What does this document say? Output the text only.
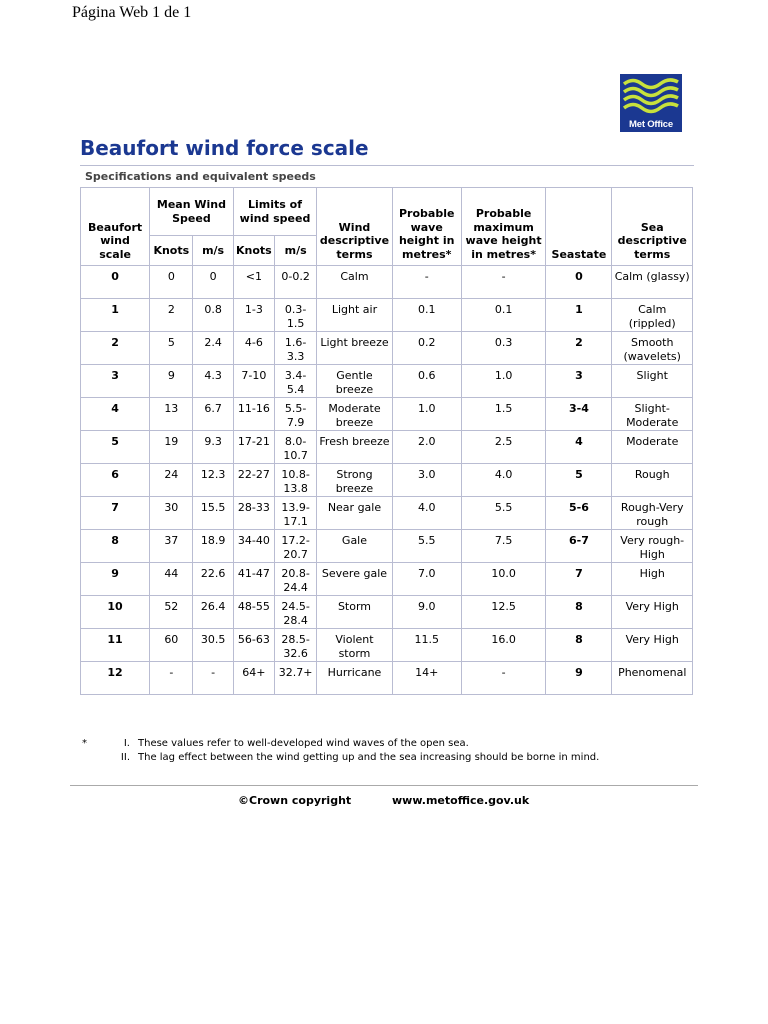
Página Web 1 de 1
Met Office
Beaufort wind force scale
Specifications and equivalent speeds
Beaufort wind scale	Mean Wind Speed		Limits of wind speed		Wind descriptive terms	Probable wave height in metres*	Probable maximum wave height in metres*	Seastate	Sea descriptive terms
	Knots	m/s	Knots	m/s					
0	0	0	<1	0-0.2	Calm	-	-	0	Calm (glassy)
1	2	0.8	1-3	0.3-1.5	Light air	0.1	0.1	1	Calm (rippled)
2	5	2.4	4-6	1.6-3.3	Light breeze	0.2	0.3	2	Smooth (wavelets)
3	9	4.3	7-10	3.4-5.4	Gentle breeze	0.6	1.0	3	Slight
4	13	6.7	11-16	5.5-7.9	Moderate breeze	1.0	1.5	3-4	Slight-Moderate
5	19	9.3	17-21	8.0-10.7	Fresh breeze	2.0	2.5	4	Moderate
6	24	12.3	22-27	10.8-13.8	Strong breeze	3.0	4.0	5	Rough
7	30	15.5	28-33	13.9-17.1	Near gale	4.0	5.5	5-6	Rough-Very rough
8	37	18.9	34-40	17.2-20.7	Gale	5.5	7.5	6-7	Very rough-High
9	44	22.6	41-47	20.8-24.4	Severe gale	7.0	10.0	7	High
10	52	26.4	48-55	24.5-28.4	Storm	9.0	12.5	8	Very High
11	60	30.5	56-63	28.5-32.6	Violent storm	11.5	16.0	8	Very High
12	-	-	64+	32.7+	Hurricane	14+	-	9	Phenomenal
*	I. These values refer to well-developed wind waves of the open sea.
II. The lag effect between the wind getting up and the sea increasing should be borne in mind.
©Crown copyright	www.metoffice.gov.uk
